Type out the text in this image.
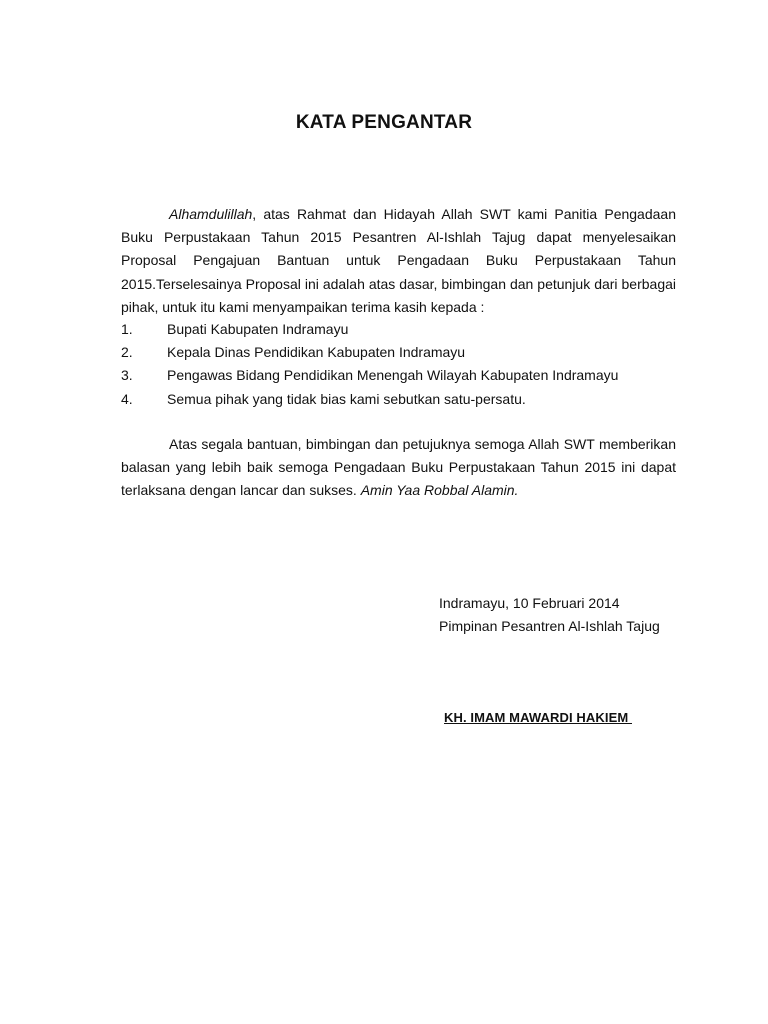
KATA PENGANTAR

Alhamdulillah, atas Rahmat dan Hidayah Allah SWT kami Panitia Pengadaan Buku Perpustakaan Tahun 2015 Pesantren Al-Ishlah Tajug dapat menyelesaikan Proposal Pengajuan Bantuan untuk Pengadaan Buku Perpustakaan Tahun 2015.Terselesainya Proposal ini adalah atas dasar, bimbingan dan petunjuk dari berbagai pihak, untuk itu kami menyampaikan terima kasih kepada :

1.	Bupati Kabupaten Indramayu
2.	Kepala Dinas Pendidikan Kabupaten Indramayu
3.	Pengawas Bidang Pendidikan Menengah Wilayah Kabupaten Indramayu
4.	Semua pihak yang tidak bias kami sebutkan satu-persatu.

Atas segala bantuan, bimbingan dan petujuknya semoga Allah SWT memberikan balasan yang lebih baik semoga Pengadaan Buku Perpustakaan Tahun 2015 ini dapat terlaksana dengan lancar dan sukses. Amin Yaa Robbal Alamin.

Indramayu, 10 Februari 2014
Pimpinan Pesantren Al-Ishlah Tajug
KH. IMAM MAWARDI HAKIEM
